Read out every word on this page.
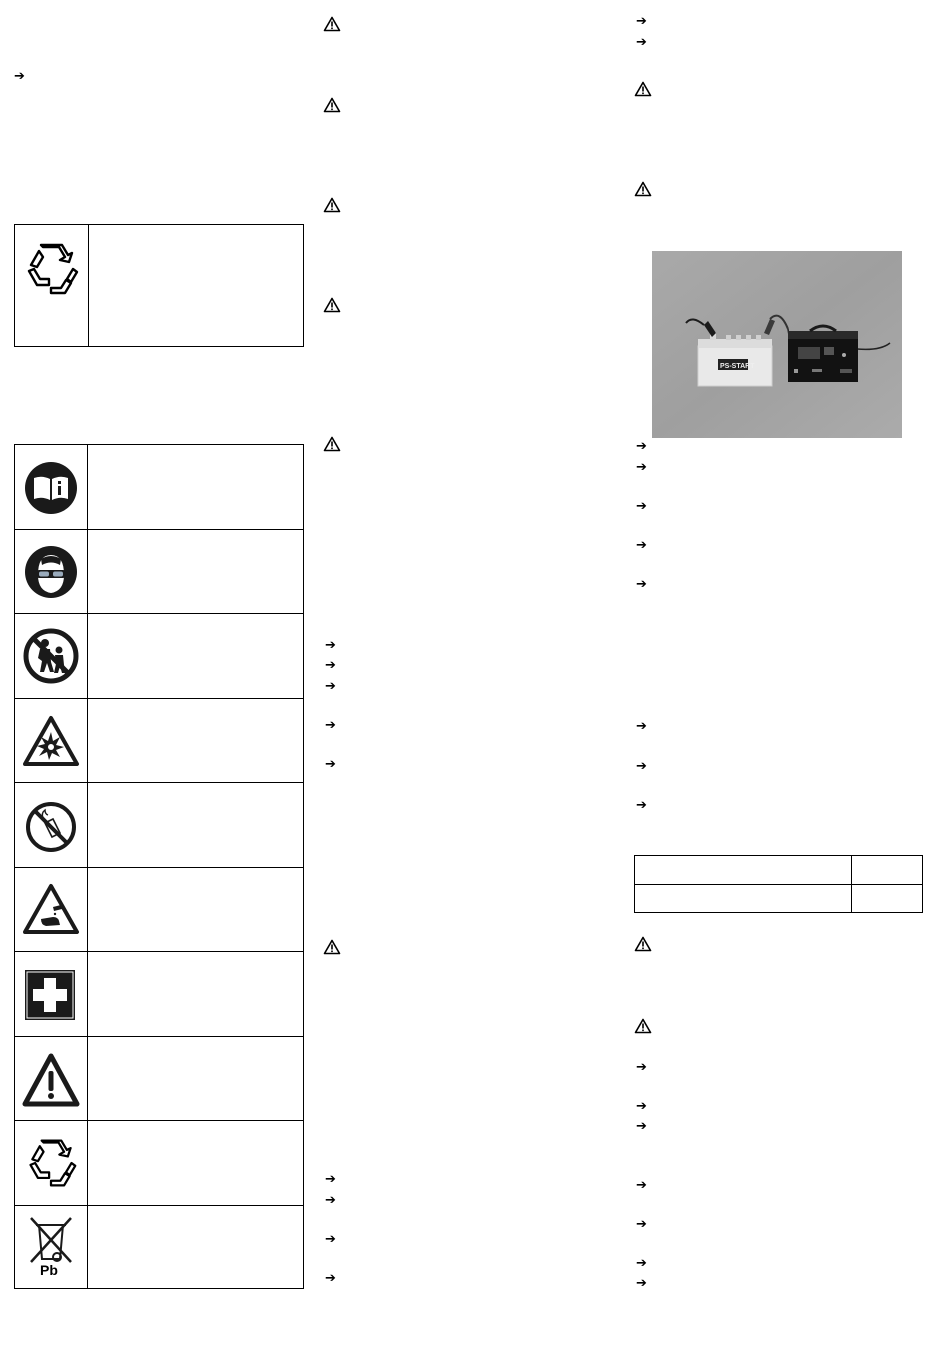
➔
Pb
➔
➔
➔
➔
➔
➔
➔
➔
➔
➔
➔
PS-START
➔
➔
➔
➔
➔
➔
➔
➔
➔
➔
➔
➔
➔
➔
➔
